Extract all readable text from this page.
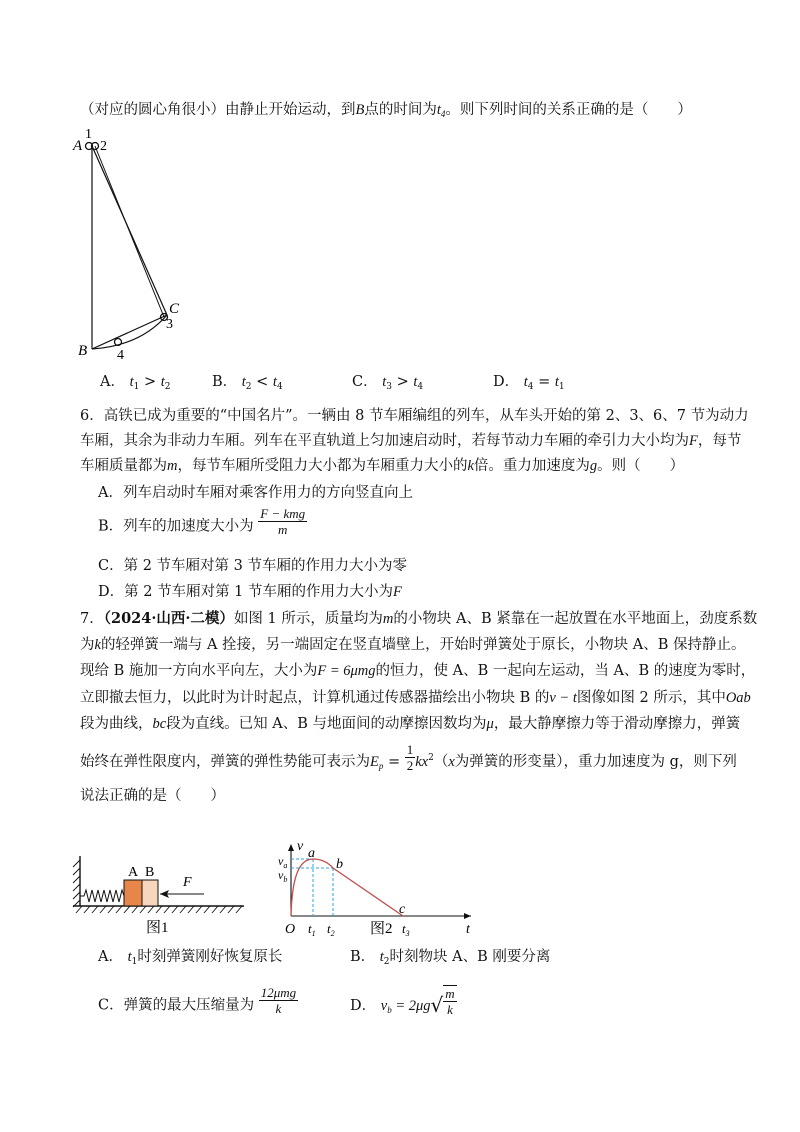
（对应的圆心角很小）由静止开始运动，到B点的时间为$t_4$。则下列时间的关系正确的是（　　）
A
1
2
C
3
B 4
A． $t_1 > t_2$	B． $t_2 < t_4$	C． $t_3 > t_4$	D． $t_4 = t_1$
6．高铁已成为重要的“中国名片”。一辆由 8 节车厢编组的列车，从车头开始的第 2、3、6、7 节为动力
车厢，其余为非动力车厢。列车在平直轨道上匀加速启动时，若每节动力车厢的牵引力大小均为F，每节
车厢质量都为m，每节车厢所受阻力大小都为车厢重力大小的k倍。重力加速度为g。则（　　）
A．列车启动时车厢对乘客作用力的方向竖直向上
B．列车的加速度大小为 $\frac{\text{F − kmg}}{m}$
C．第 2 节车厢对第 3 节车厢的作用力大小为零
D．第 2 节车厢对第 1 节车厢的作用力大小为F
7．（2024·山西·二模）如图 1 所示，质量均为m的小物块 A、B 紧靠在一起放置在水平地面上，劲度系数
为k的轻弹簧一端与 A 拴接，另一端固定在竖直墙壁上，开始时弹簧处于原长，小物块 A、B 保持静止。
现给 B 施加一方向水平向左，大小为F = 6μmg的恒力，使 A、B 一起向左运动，当 A、B 的速度为零时，
立即撤去恒力，以此时为计时起点，计算机通过传感器描绘出小物块 B 的v − t图像如图 2 所示，其中Oab
段为曲线，bc段为直线。已知 A、B 与地面间的动摩擦因数均为μ，最大静摩擦力等于滑动摩擦力，弹簧
始终在弹性限度内，弹簧的弹性势能可表示为$E_p = \frac{1}{2} kx^2(x$为弹簧的形变量），重力加速度为 g，则下列
说法正确的是（　　）
A B
F
图1
v
t
O
$v_a$
$v_b$
a
b
c
$t_1$ $t_2$	$t_3$
图2
A． $t_1$时刻弹簧刚好恢复原长	B． $t_2$时刻物块 A、B 刚要分离
C．弹簧的最大压缩量为 $\frac{\text{12μmg}}{k}$	D． $v_b = 2\mu g√ \frac{m}{k}$
